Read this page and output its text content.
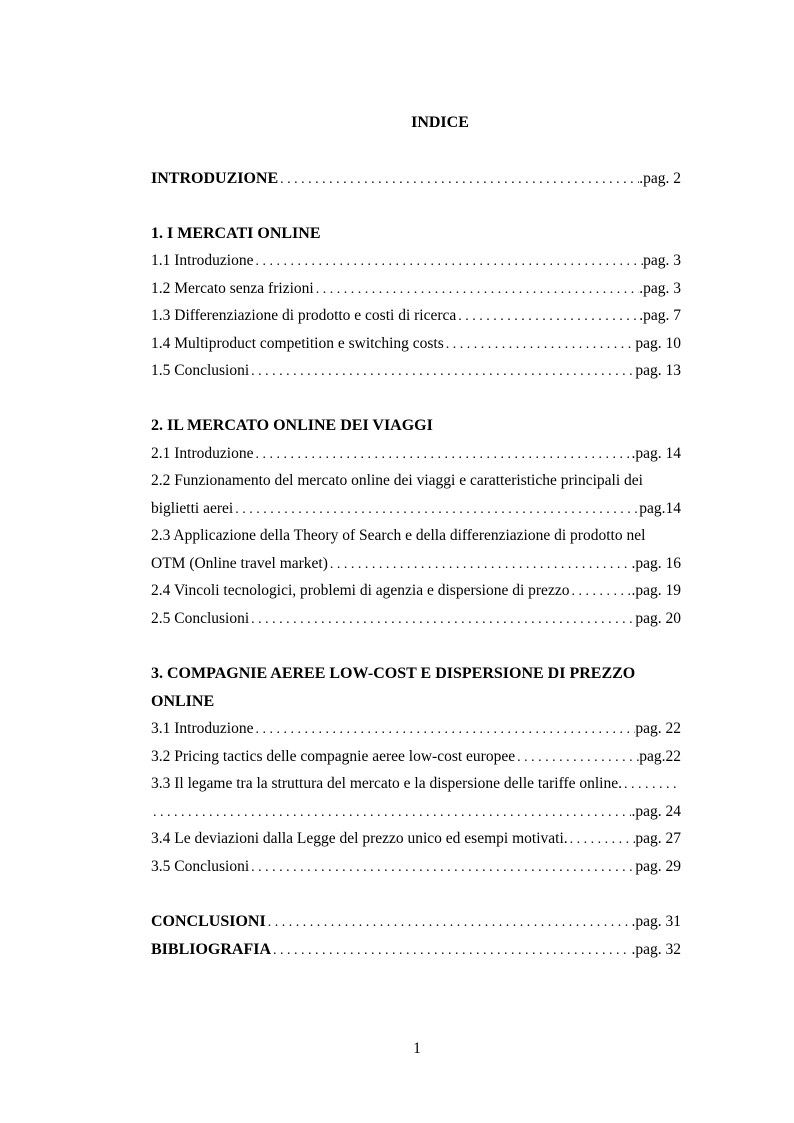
INDICE
INTRODUZIONE . . .	.pag. 2
1. I MERCATI ONLINE
1.1 Introduzione . . .	pag. 3
1.2 Mercato senza frizioni . . .	.pag. 3
1.3 Differenziazione di prodotto e costi di ricerca . . .	.pag. 7
1.4 Multiproduct competition e switching costs . . .	pag. 10
1.5 Conclusioni . . .	pag. 13
2. IL MERCATO ONLINE DEI VIAGGI
2.1 Introduzione . . .	.pag. 14
2.2 Funzionamento del mercato online dei viaggi e caratteristiche principali dei
biglietti aerei . . .	pag.14
2.3 Applicazione della Theory of Search e della differenziazione di prodotto nel
OTM (Online travel market) . . .	.pag. 16
2.4 Vincoli tecnologici, problemi di agenzia e dispersione di prezzo . . .	.pag. 19
2.5 Conclusioni . . .	pag. 20
3. COMPAGNIE AEREE LOW-COST E DISPERSIONE DI PREZZO
ONLINE
3.1 Introduzione . . .	pag. 22
3.2 Pricing tactics delle compagnie aeree low-cost europee . . .	pag.22
3.3 Il legame tra la struttura del mercato e la dispersione delle tariffe online.
. . .
. . .
.pag. 24
3.4 Le deviazioni dalla Legge del prezzo unico ed esempi motivati. . . .	pag. 27
3.5 Conclusioni . . .	pag. 29
CONCLUSIONI . . .	.pag. 31
BIBLIOGRAFIA . . .	.pag. 32
1
